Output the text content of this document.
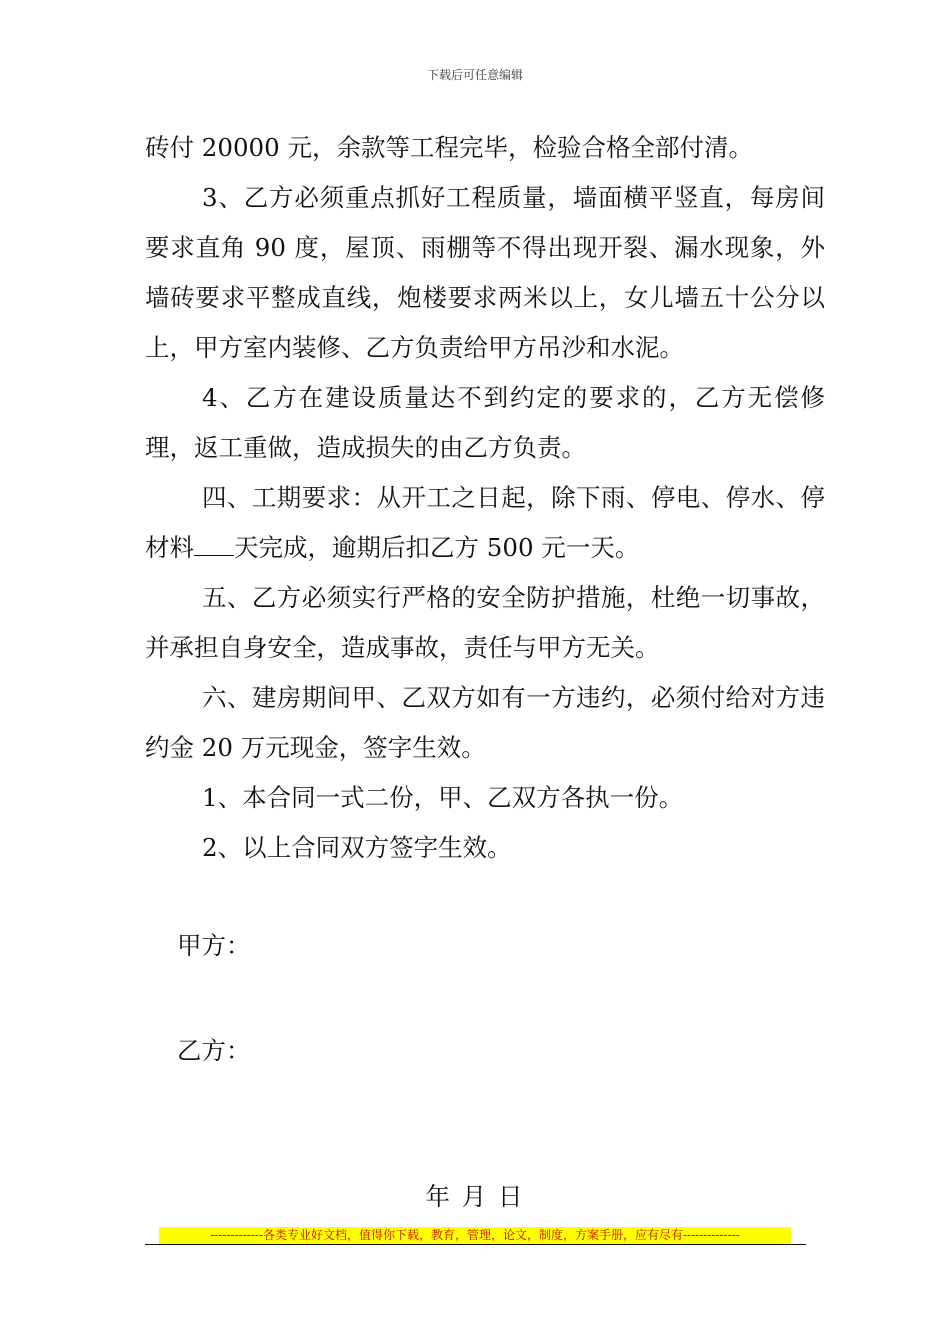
下载后可任意编辑

砖付 20000 元，余款等工程完毕，检验合格全部付清。

3、乙方必须重点抓好工程质量，墙面横平竖直，每房间要求直角 90 度，屋顶、雨棚等不得出现开裂、漏水现象，外墙砖要求平整成直线，炮楼要求两米以上，女儿墙五十公分以上，甲方室内装修、乙方负责给甲方吊沙和水泥。

4、乙方在建设质量达不到约定的要求的，乙方无偿修理，返工重做，造成损失的由乙方负责。

四、工期要求：从开工之日起，除下雨、停电、停水、停材料 天完成，逾期后扣乙方 500 元一天。

五、乙方必须实行严格的安全防护措施，杜绝一切事故，并承担自身安全，造成事故，责任与甲方无关。

六、建房期间甲、乙双方如有一方违约，必须付给对方违约金 20 万元现金，签字生效。

1、本合同一式二份，甲、乙双方各执一份。

2、以上合同双方签字生效。

甲方：
乙方：
年 月 日
-------------各类专业好文档，值得你下载，教育，管理，论文，制度，方案手册，应有尽有--------------
